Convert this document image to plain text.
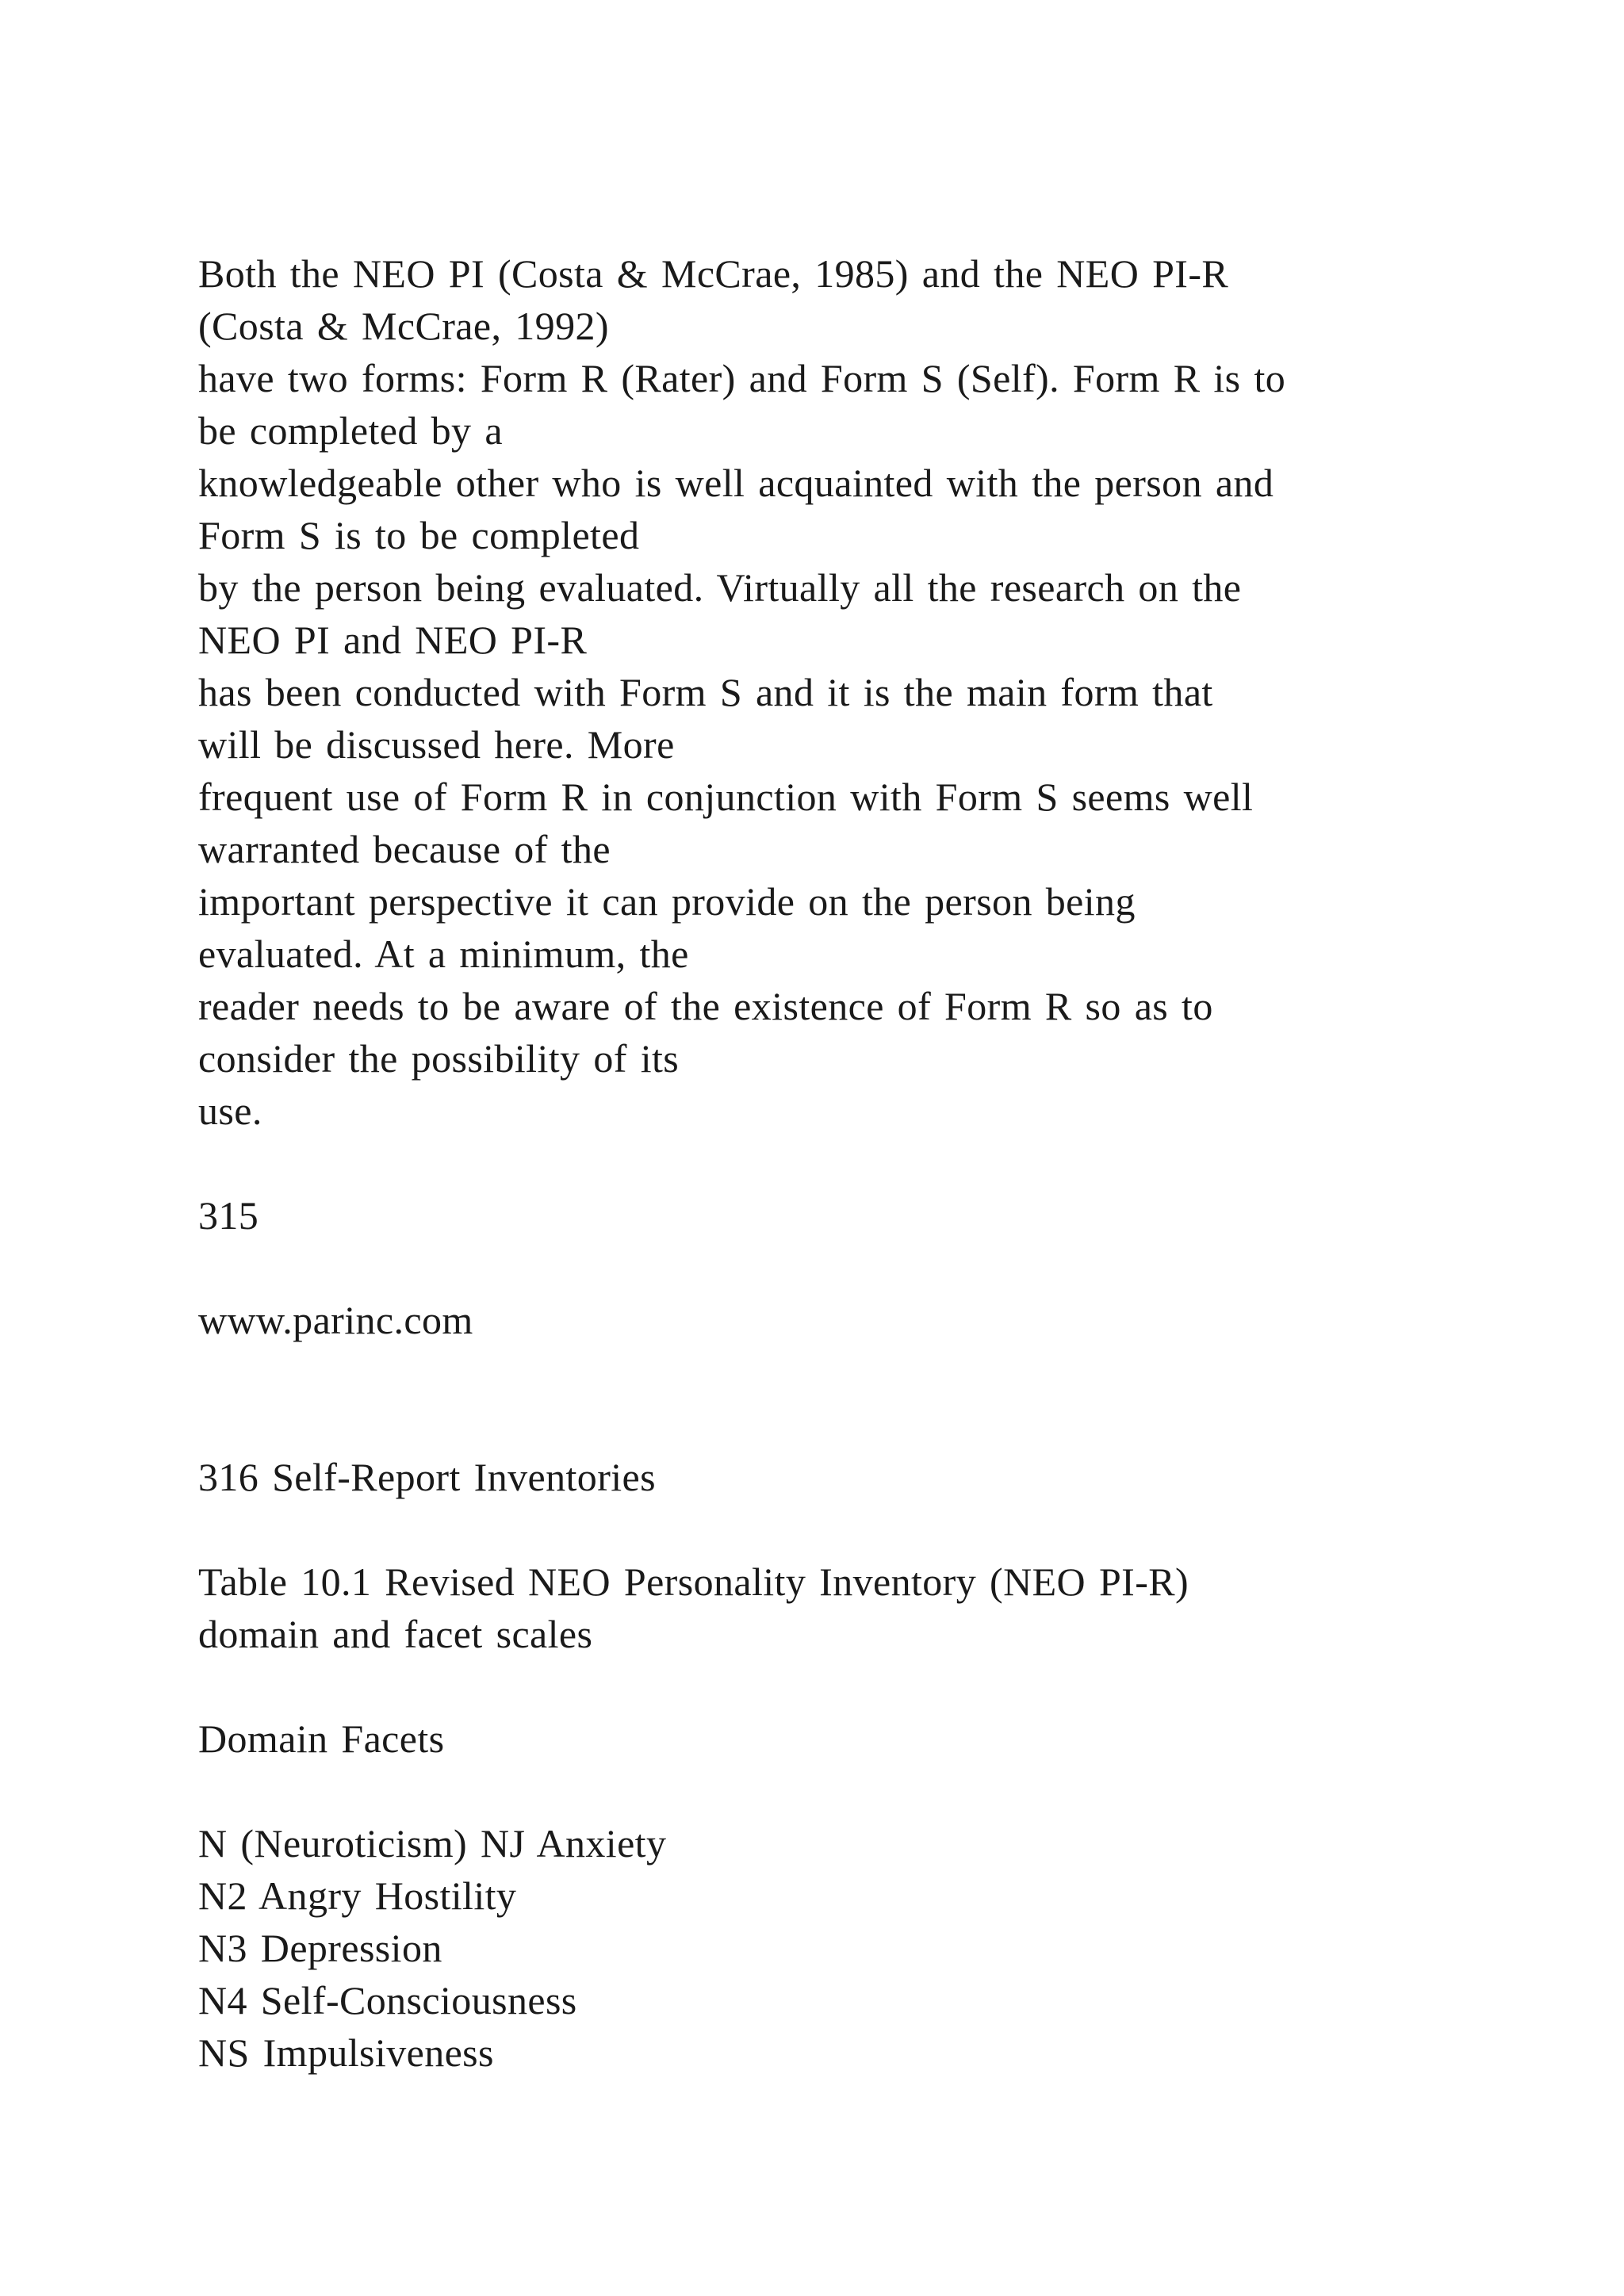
Both the NEO PI (Costa & McCrae, 1985) and the NEO PI-R
(Costa & McCrae, 1992)
have two forms: Form R (Rater) and Form S (Self). Form R is to
be completed by a
knowledgeable other who is well acquainted with the person and
Form S is to be completed
by the person being evaluated. Virtually all the research on the
NEO PI and NEO PI-R
has been conducted with Form S and it is the main form that
will be discussed here. More
frequent use of Form R in conjunction with Form S seems well
warranted because of the
important perspective it can provide on the person being
evaluated. At a minimum, the
reader needs to be aware of the existence of Form R so as to
consider the possibility of its
use.
315
www.parinc.com
316 Self-Report Inventories
Table 10.1 Revised NEO Personality Inventory (NEO PI-R)
domain and facet scales
Domain Facets
N (Neuroticism) NJ Anxiety
N2 Angry Hostility
N3 Depression
N4 Self-Consciousness
NS Impulsiveness
